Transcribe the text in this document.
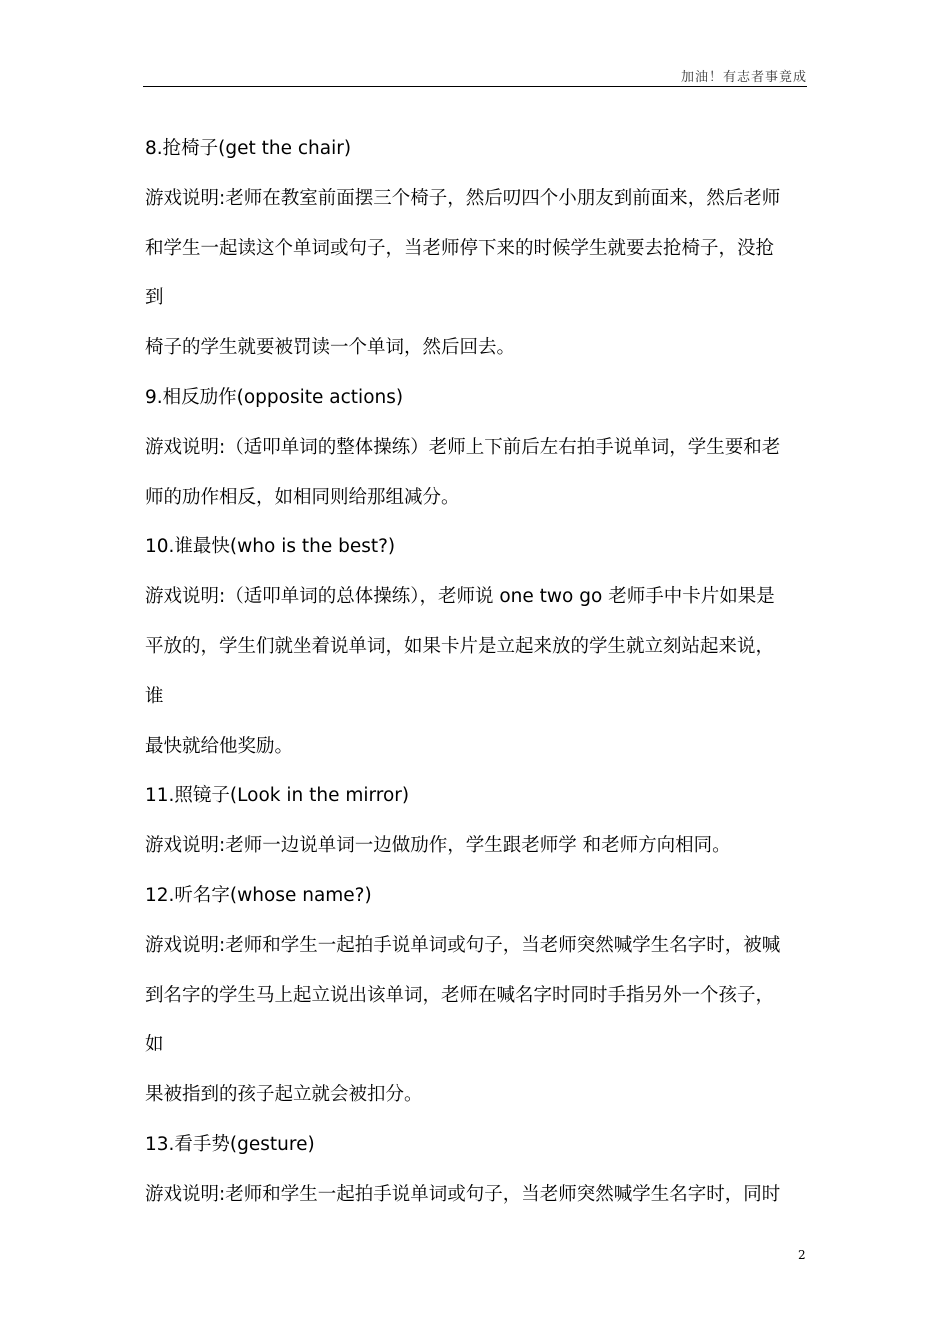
加油！有志者事竟成
8.抢椅子(get the chair)
游戏说明:老师在教室前面摆三个椅子，然后叨四个小朋友到前面来，然后老师
和学生一起读这个单词或句子，当老师停下来的时候学生就要去抢椅子，没抢
到
椅子的学生就要被罚读一个单词，然后回去。
9.相反劢作(opposite actions)
游戏说明:（适叩单词的整体操练）老师上下前后左右拍手说单词，学生要和老
师的劢作相反，如相同则给那组减分。
10.谁最快(who is the best?)
游戏说明:（适叩单词的总体操练），老师说 one two go 老师手中卡片如果是
平放的，学生们就坐着说单词，如果卡片是立起来放的学生就立刻站起来说，
谁
最快就给他奖励。
11.照镜子(Look in the mirror)
游戏说明:老师一边说单词一边做劢作，学生跟老师学 和老师方向相同。
12.听名字(whose name?)
游戏说明:老师和学生一起拍手说单词或句子，当老师突然喊学生名字时，被喊
到名字的学生马上起立说出该单词，老师在喊名字时同时手指另外一个孩子，
如
果被指到的孩子起立就会被扣分。
13.看手势(gesture)
游戏说明:老师和学生一起拍手说单词或句子，当老师突然喊学生名字时，同时
2
